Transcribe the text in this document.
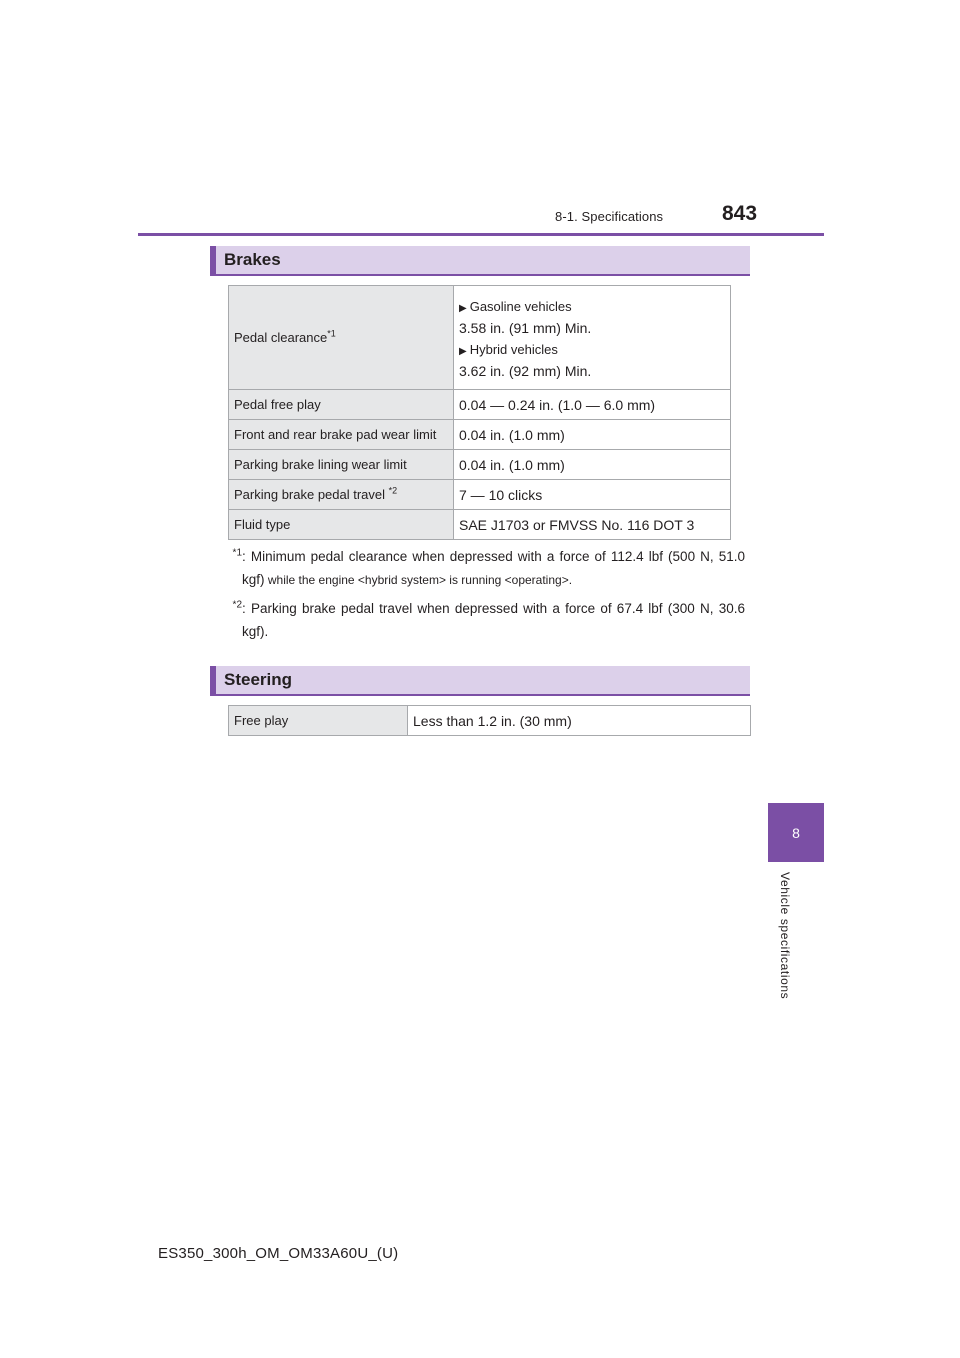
8-1. Specifications	843
8
Vehicle specifications
Brakes
Pedal clearance$^{*1}$	▶ Gasoline vehicles
3.58 in. (91 mm) Min.
▶ Hybrid vehicles
3.62 in. (92 mm) Min.

Pedal free play	0.04 — 0.24 in. (1.0 — 6.0 mm)
Front and rear brake pad wear limit	0.04 in. (1.0 mm)
Parking brake lining wear limit	0.04 in. (1.0 mm)
Parking brake pedal travel $^{*2}$	7 — 10 clicks
Fluid type	SAE J1703 or FMVSS No. 116 DOT 3
$^{*1}$: Minimum pedal clearance when depressed with a force of 112.4 lbf (500 N, 51.0 kgf) while the engine <hybrid system> is running <operating>.
$^{*2}$: Parking brake pedal travel when depressed with a force of 67.4 lbf (300 N, 30.6 kgf).
Steering
Free play	Less than 1.2 in. (30 mm)
ES350_300h_OM_OM33A60U_(U)
